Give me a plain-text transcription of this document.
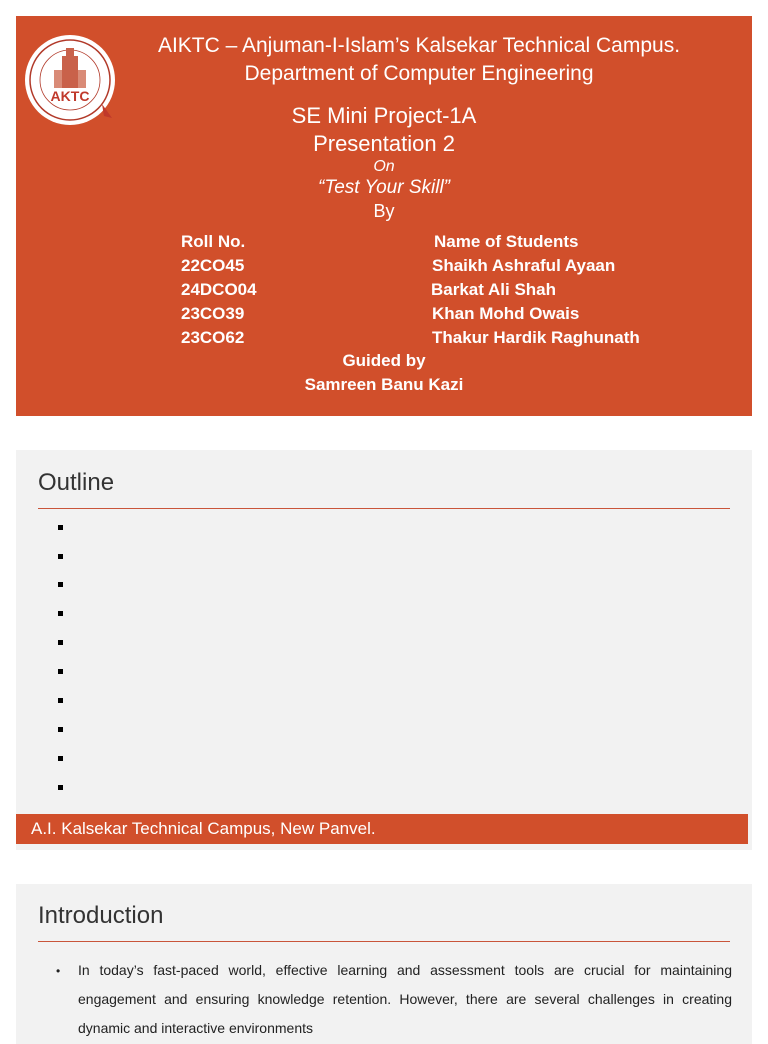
AKTC
AIKTC – Anjuman-I-Islam’s Kalsekar Technical Campus.
Department of Computer Engineering
SE Mini Project-1A
Presentation 2
On
“Test Your Skill”
By
Roll No.	Name of Students
22CO45	Shaikh Ashraful Ayaan
24DCO04	Barkat Ali Shah
23CO39	Khan Mohd Owais
23CO62	Thakur Hardik Raghunath
Guided by
Samreen Banu Kazi
Outline
A.I. Kalsekar Technical Campus, New Panvel.
Introduction
• In today’s fast-paced world, effective learning and assessment tools are crucial for maintaining engagement and ensuring knowledge retention. However, there are several challenges in creating dynamic and interactive environments
